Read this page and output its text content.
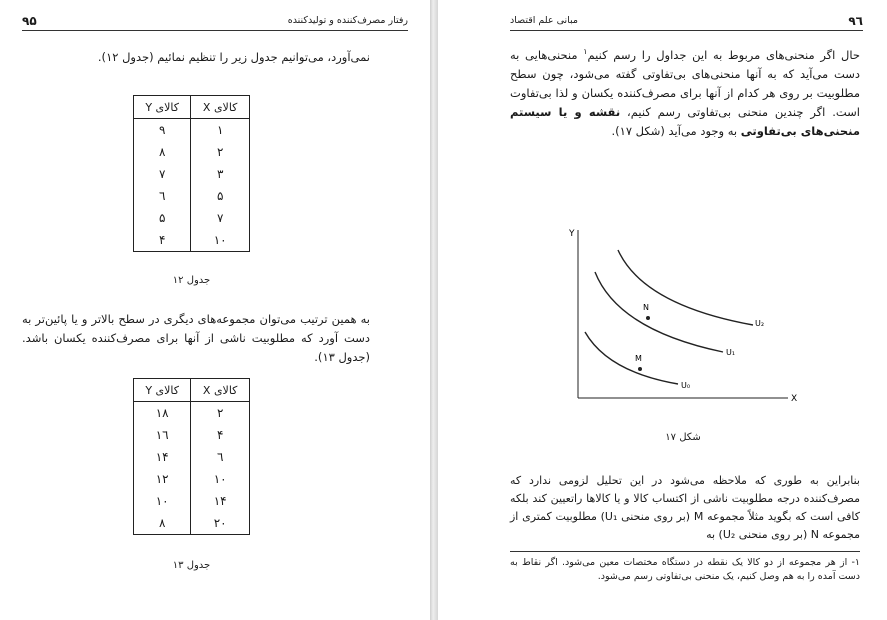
۹۵	رفتار مصرف‌کننده و تولیدکننده
نمی‌آورد، می‌توانیم جدول زیر را تنظیم نمائیم (جدول ۱۲).
کالای X	کالای Y
۱	۹
۲	۸
۳	۷
۵	٦
۷	۵
۱۰	۴
جدول ۱۲
به همین ترتیب می‌توان مجموعه‌های دیگری در سطح بالاتر و یا پائین‌تر به دست آورد که مطلوبیت ناشی از آنها برای مصرف‌کننده یکسان باشد. (جدول ۱۳).
کالای X	کالای Y
۲	۱۸
۴	۱٦
٦	۱۴
۱۰	۱۲
۱۴	۱۰
۲۰	۸
جدول ۱۳
مبانی علم اقتصاد	۹٦
حال اگر منحنی‌های مربوط به این جداول را رسم کنیم$^۱$ منحنی‌هایی به دست می‌آید که به آنها منحنی‌های بی‌تفاوتی گفته می‌شود، چون سطح مطلوبیت بر روی هر کدام از آنها برای مصرف‌کننده یکسان و لذا بی‌تفاوت است. اگر چندین منحنی بی‌تفاوتی رسم کنیم، نقشه و یا سیستم منحنی‌های بی‌تفاوتی به وجود می‌آید (شکل ۱۷).
Y
X
N
M
U₂
U₁
U₀
شکل ۱۷
بنابراین به طوری که ملاحظه می‌شود در این تحلیل لزومی ندارد که مصرف‌کننده درجه مطلوبیت ناشی از اکتساب کالا و یا کالاها راتعیین کند بلکه کافی است که بگوید مثلاً مجموعه M (بر روی منحنی U₁) مطلوبیت کمتری از مجموعه N (بر روی منحنی U₂) به
۱- از هر مجموعه از دو کالا یک نقطه در دستگاه مختصات معین می‌شود. اگر نقاط به دست آمده را به هم وصل کنیم، یک منحنی بی‌تفاوتی رسم می‌شود.
